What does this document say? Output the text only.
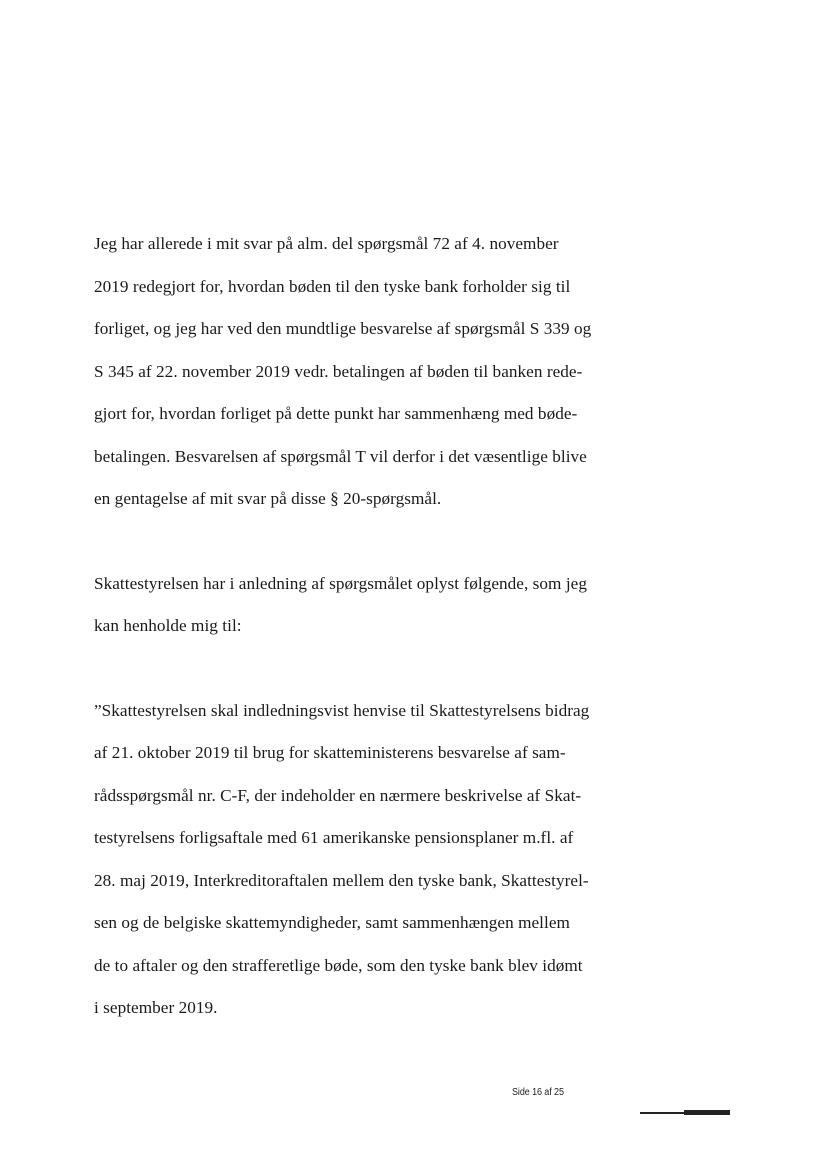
Jeg har allerede i mit svar på alm. del spørgsmål 72 af 4. november
2019 redegjort for, hvordan bøden til den tyske bank forholder sig til
forliget, og jeg har ved den mundtlige besvarelse af spørgsmål S 339 og
S 345 af 22. november 2019 vedr. betalingen af bøden til banken rede-
gjort for, hvordan forliget på dette punkt har sammenhæng med bøde-
betalingen. Besvarelsen af spørgsmål T vil derfor i det væsentlige blive
en gentagelse af mit svar på disse § 20-spørgsmål.

Skattestyrelsen har i anledning af spørgsmålet oplyst følgende, som jeg
kan henholde mig til:

”Skattestyrelsen skal indledningsvist henvise til Skattestyrelsens bidrag
af 21. oktober 2019 til brug for skatteministerens besvarelse af sam-
rådsspørgsmål nr. C-F, der indeholder en nærmere beskrivelse af Skat-
testyrelsens forligsaftale med 61 amerikanske pensionsplaner m.fl. af
28. maj 2019, Interkreditoraftalen mellem den tyske bank, Skattestyrel-
sen og de belgiske skattemyndigheder, samt sammenhængen mellem
de to aftaler og den strafferetlige bøde, som den tyske bank blev idømt
i september 2019.

Side 16 af 25
